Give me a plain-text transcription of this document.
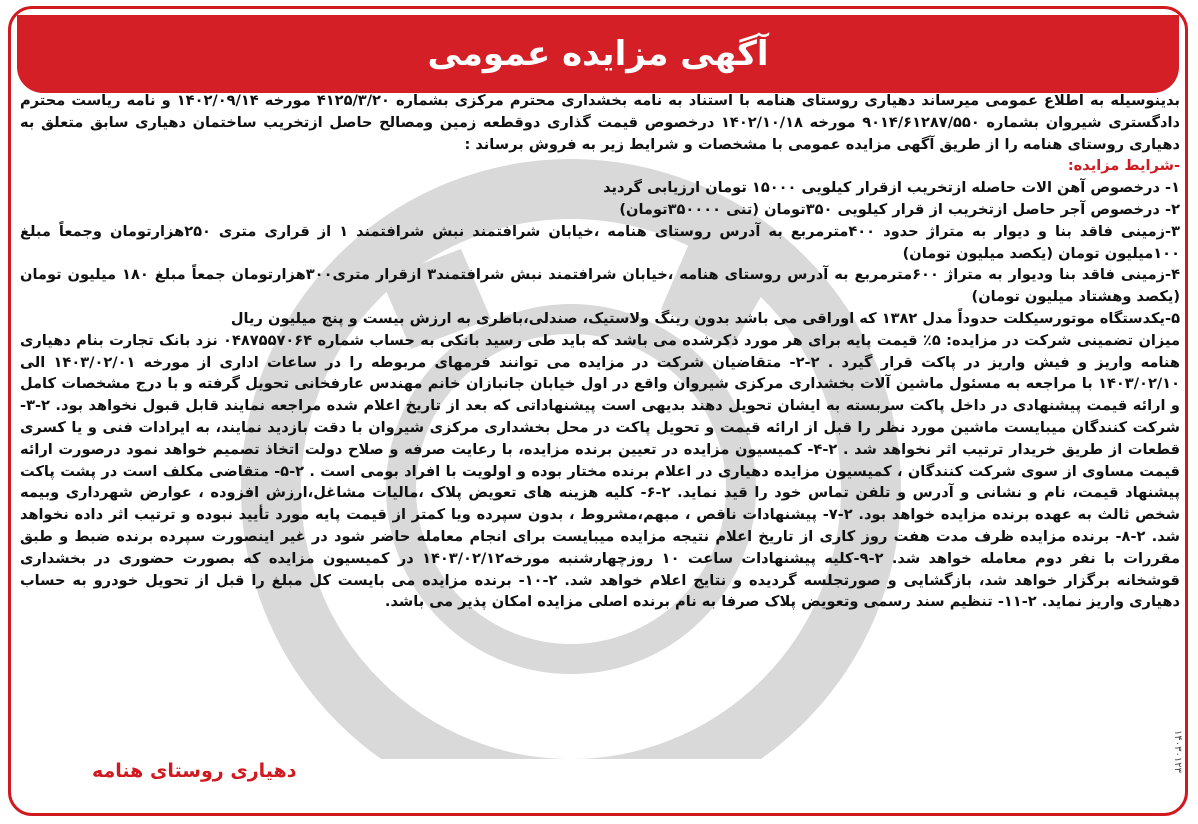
آگهی مزایده عمومی

بدینوسیله به اطلاع عمومی میرساند دهیاری روستای هنامه با استناد به نامه بخشداری محترم مرکزی بشماره ۴۱۲۵/۳/۲۰ مورخه ۱۴۰۲/۰۹/۱۴ و نامه ریاست محترم دادگستری شیروان بشماره ۹۰۱۴/۶۱۲۸۷/۵۵۰ مورخه ۱۴۰۲/۱۰/۱۸ درخصوص قیمت گذاری دوقطعه زمین ومصالح حاصل ازتخریب ساختمان دهیاری سابق متعلق به دهیاری روستای هنامه را از طریق آگهی مزایده عمومی با مشخصات و شرایط زیر به فروش برساند :

-شرایط مزایده:

۱- درخصوص آهن الات حاصله ازتخریب ازقرار کیلویی ۱۵۰۰۰ تومان ارزیابی گردید

۲- درخصوص آجر حاصل ازتخریب از قرار کیلویی ۳۵۰تومان (تنی ۳۵۰۰۰۰تومان)

۳-زمینی فاقد بنا و دیوار به متراژ حدود ۴۰۰مترمربع به آدرس روستای هنامه ،خیابان شرافتمند نبش شرافتمند ۱ از قراری متری ۲۵۰هزارتومان وجمعاً مبلغ ۱۰۰میلیون تومان (یکصد میلیون تومان)

۴-زمینی فاقد بنا ودیوار به متراژ ۶۰۰مترمربع به آدرس روستای هنامه ،خیابان شرافتمند نبش شرافتمند۳ ازقرار متری۳۰۰هزارتومان جمعاً مبلغ ۱۸۰ میلیون تومان (یکصد وهشتاد میلیون تومان)

۵-یکدستگاه موتورسیکلت حدوداً مدل ۱۳۸۲ که اوراقی می باشد بدون رینگ ولاستیک، صندلی،باطری به ارزش بیست و پنج میلیون ریال

میزان تضمینی شرکت در مزایده: ۵٪ قیمت پایه برای هر مورد ذکرشده می باشد که باید طی رسید بانکی به حساب شماره ۰۴۸۷۵۵۷۰۶۴ نزد بانک تجارت بنام دهیاری هنامه واریز و فیش واریز در پاکت قرار گیرد . ۲-۲- متقاضیان شرکت در مزایده می توانند فرمهای مربوطه را در ساعات اداری از مورخه ۱۴۰۳/۰۲/۰۱ الی ۱۴۰۳/۰۲/۱۰ با مراجعه به مسئول ماشین آلات بخشداری مرکزی شیروان واقع در اول خیابان جانبازان خانم مهندس عارفخانی تحویل گرفته و با درج مشخصات کامل و ارائه قیمت پیشنهادی در داخل پاکت سربسته به ایشان تحویل دهند بدیهی است پیشنهاداتی که بعد از تاریخ اعلام شده مراجعه نمایند قابل قبول نخواهد بود. ۲-۳- شرکت کنندگان میبایست ماشین مورد نظر را قبل از ارائه قیمت و تحویل پاکت در محل بخشداری مرکزی شیروان با دقت بازدید نمایند، به ایرادات فنی و یا کسری قطعات از طریق خریدار ترتیب اثر نخواهد شد . ۲-۴- کمیسیون مزایده در تعیین برنده مزایده، با رعایت صرفه و صلاح دولت اتخاذ تصمیم خواهد نمود درصورت ارائه قیمت مساوی از سوی شرکت کنندگان ، کمیسیون مزایده دهیاری در اعلام برنده مختار بوده و اولویت با افراد بومی است . ۲-۵- متقاضی مکلف است در پشت پاکت پیشنهاد قیمت، نام و نشانی و آدرس و تلفن تماس خود را قید نماید. ۲-۶- کلیه هزینه های تعویض پلاک ،مالیات مشاغل،ارزش افزوده ، عوارض شهرداری وبیمه شخص ثالث به عهده برنده مزایده خواهد بود. ۲-۷- پیشنهادات ناقص ، مبهم،مشروط ، بدون سپرده ویا کمتر از قیمت پایه مورد تأیید نبوده و ترتیب اثر داده نخواهد شد. ۲-۸- برنده مزایده ظرف مدت هفت روز کاری از تاریخ اعلام نتیجه مزایده میبایست برای انجام معامله حاضر شود در غیر اینصورت سپرده برنده ضبط و طبق مقررات با نفر دوم معامله خواهد شد. ۲-۹-کلیه پیشنهادات ساعت ۱۰ روزچهارشنبه مورخه۱۴۰۳/۰۲/۱۲ در کمیسیون مزایده که بصورت حضوری در بخشداری قوشخانه برگزار خواهد شد، بازگشایی و صورتجلسه گردیده و نتایج اعلام خواهد شد. ۲-۱۰- برنده مزایده می بایست کل مبلغ را قبل از تحویل خودرو به حساب دهیاری واریز نماید. ۲-۱۱- تنظیم سند رسمی وتعویض پلاک صرفا به نام برنده اصلی مزایده امکان پذیر می باشد.

دهیاری روستای هنامه	۱۴۰۳۰۱۲۳
